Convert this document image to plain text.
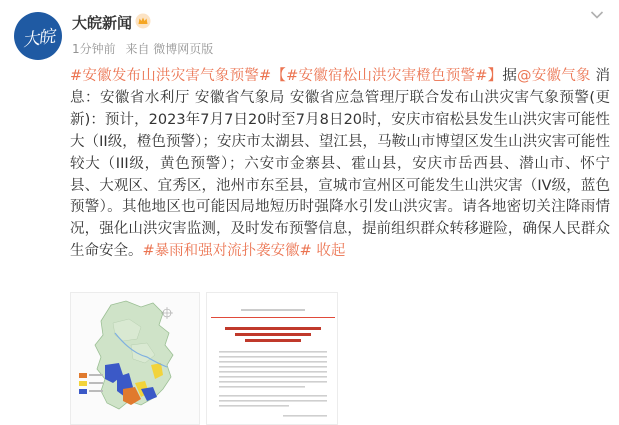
大皖
大皖新闻
1分钟前 来自 微博网页版
#安徽发布山洪灾害气象预警#【#安徽宿松山洪灾害橙色预警#】据@安徽气象 消息：安徽省水利厅 安徽省气象局 安徽省应急管理厅联合发布山洪灾害气象预警(更新)：预计，2023年7月7日20时至7月8日20时，安庆市宿松县发生山洪灾害可能性大（II级，橙色预警）；安庆市太湖县、望江县，马鞍山市博望区发生山洪灾害可能性较大（III级，黄色预警）；六安市金寨县、霍山县，安庆市岳西县、潜山市、怀宁县、大观区、宜秀区，池州市东至县，宣城市宣州区可能发生山洪灾害（IV级，蓝色预警）。其他地区也可能因局地短历时强降水引发山洪灾害。请各地密切关注降雨情况，强化山洪灾害监测，及时发布预警信息，提前组织群众转移避险，确保人民群众生命安全。#暴雨和强对流扑袭安徽# 收起
